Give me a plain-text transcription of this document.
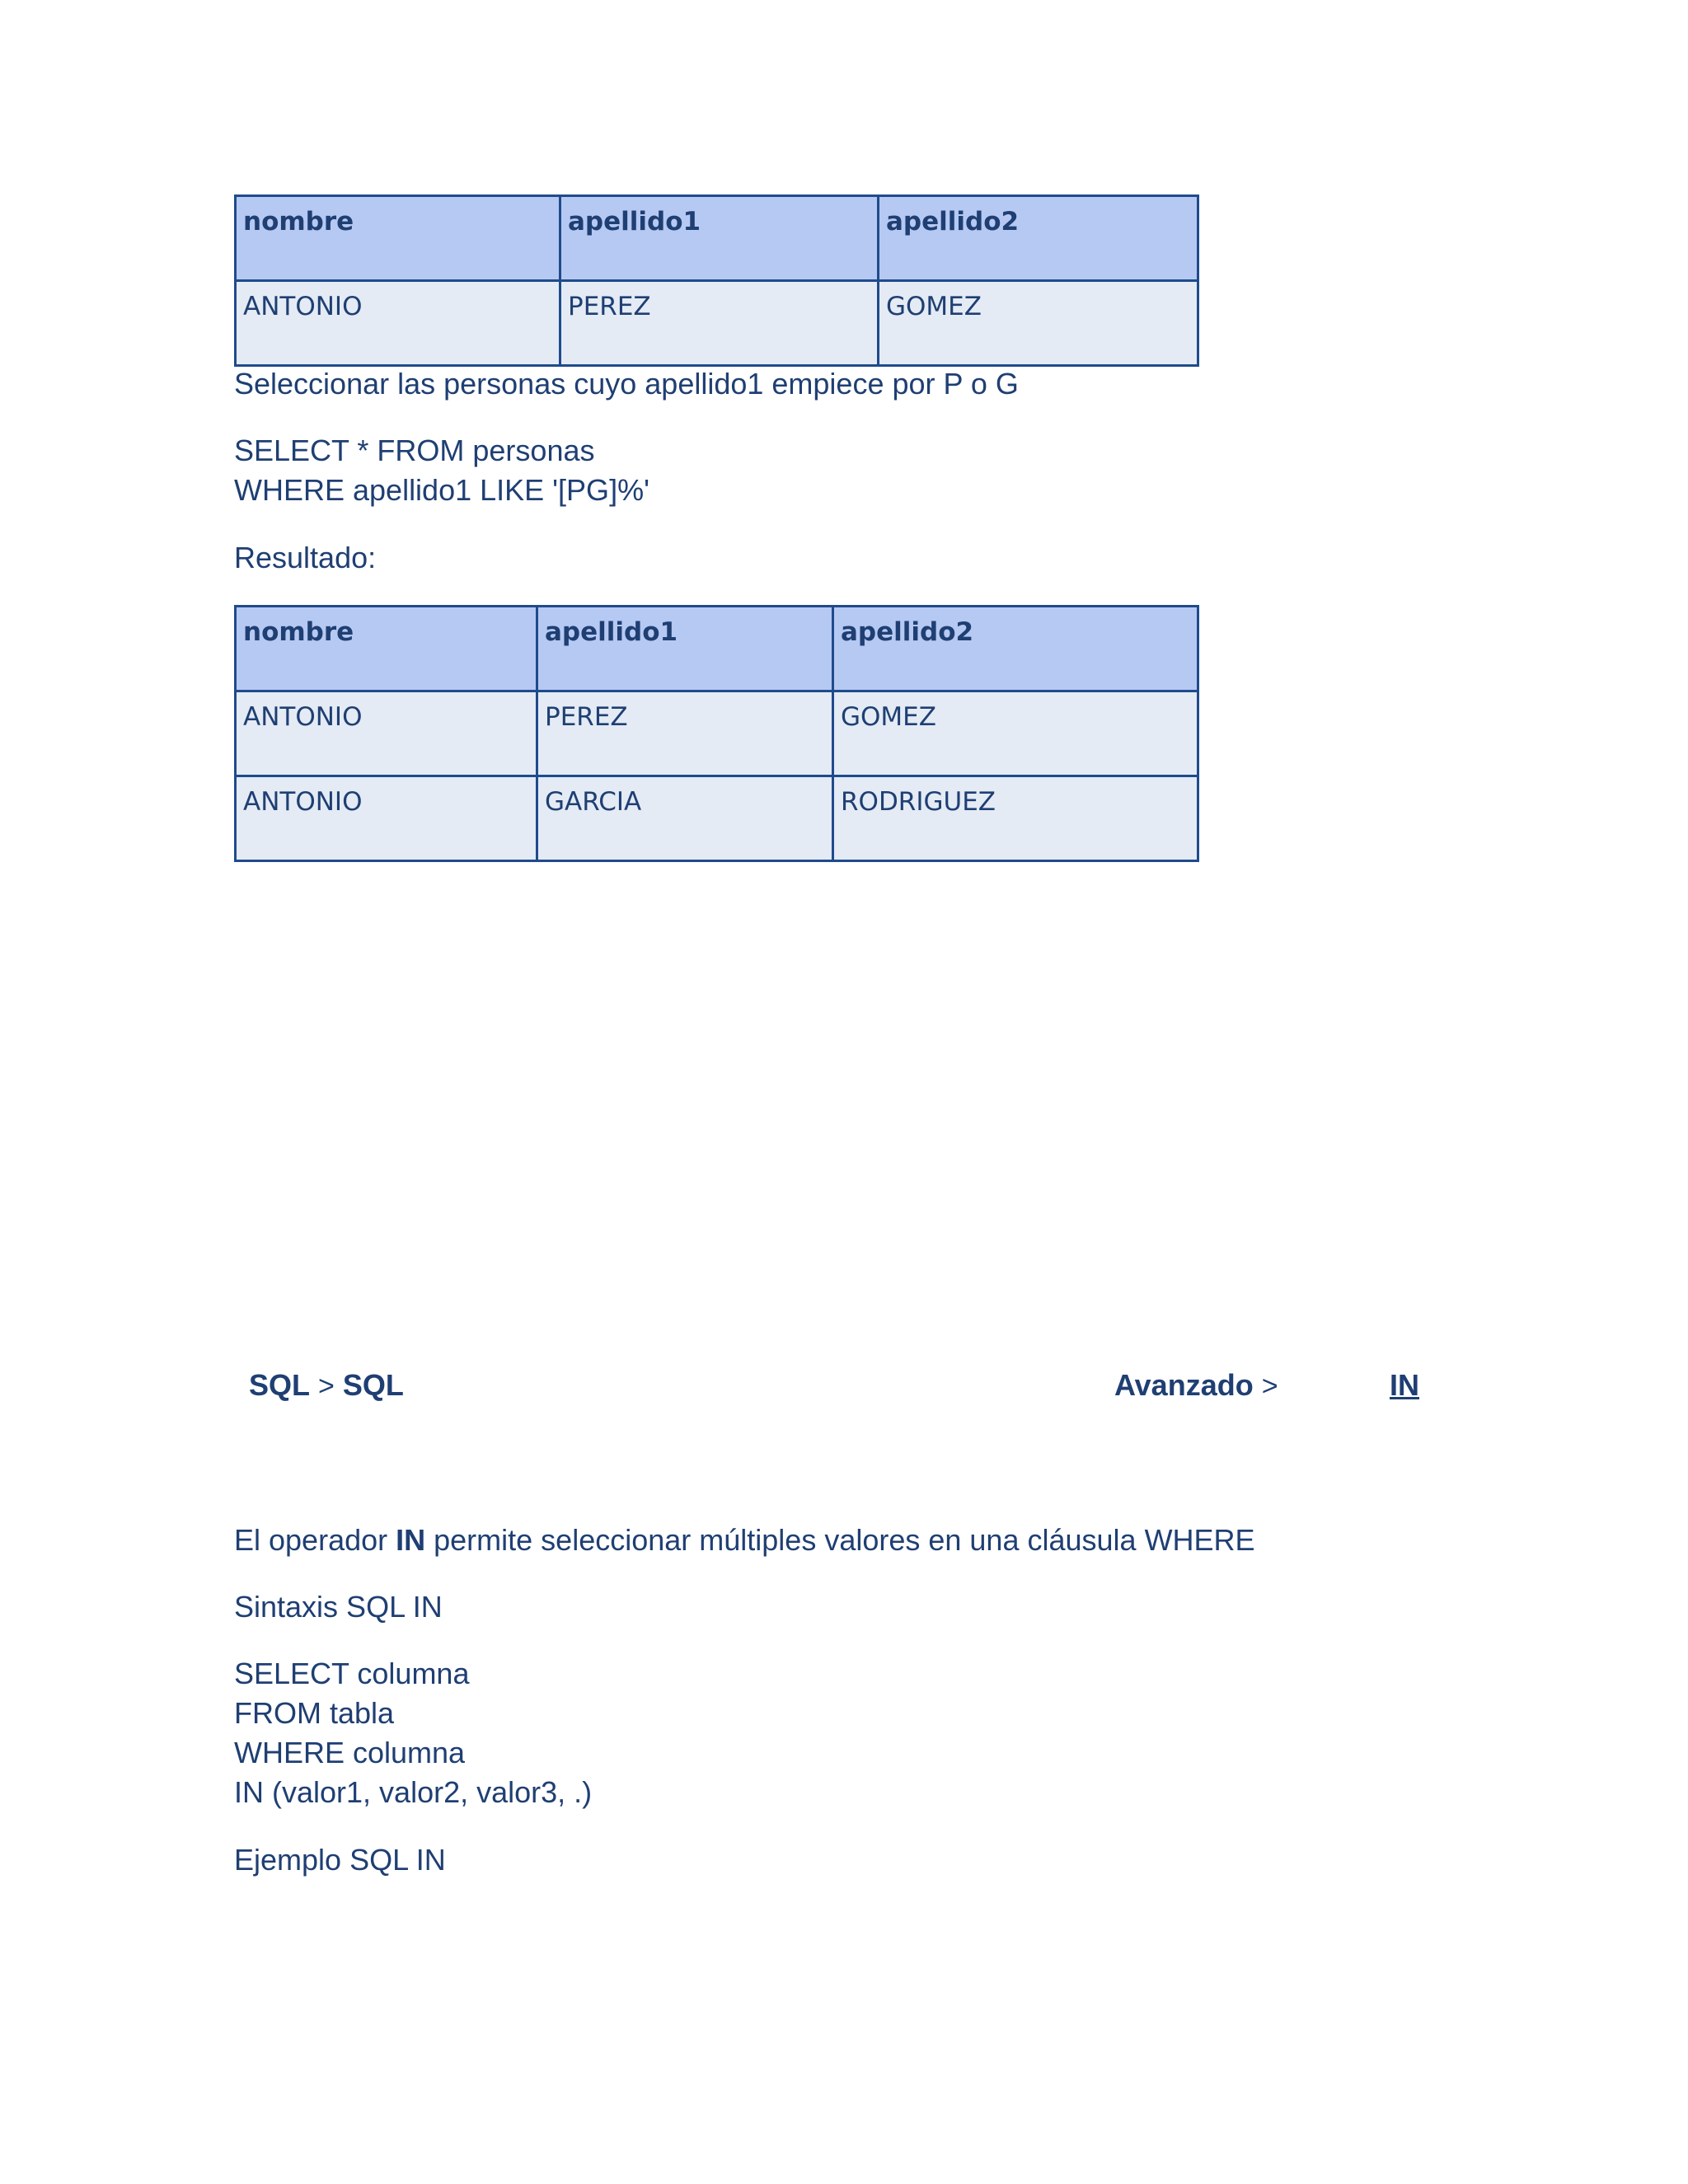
nombre	apellido1	apellido2
ANTONIO	PEREZ	GOMEZ
Seleccionar las personas cuyo apellido1 empiece por P o G
SELECT * FROM personas
WHERE apellido1 LIKE '[PG]%'
Resultado:
nombre	apellido1	apellido2
ANTONIO	PEREZ	GOMEZ
ANTONIO	GARCIA	RODRIGUEZ
SQL > SQL	Avanzado >	IN
El operador IN permite seleccionar múltiples valores en una cláusula WHERE
Sintaxis SQL IN
SELECT columna
FROM tabla
WHERE columna
IN (valor1, valor2, valor3, .)
Ejemplo SQL IN
